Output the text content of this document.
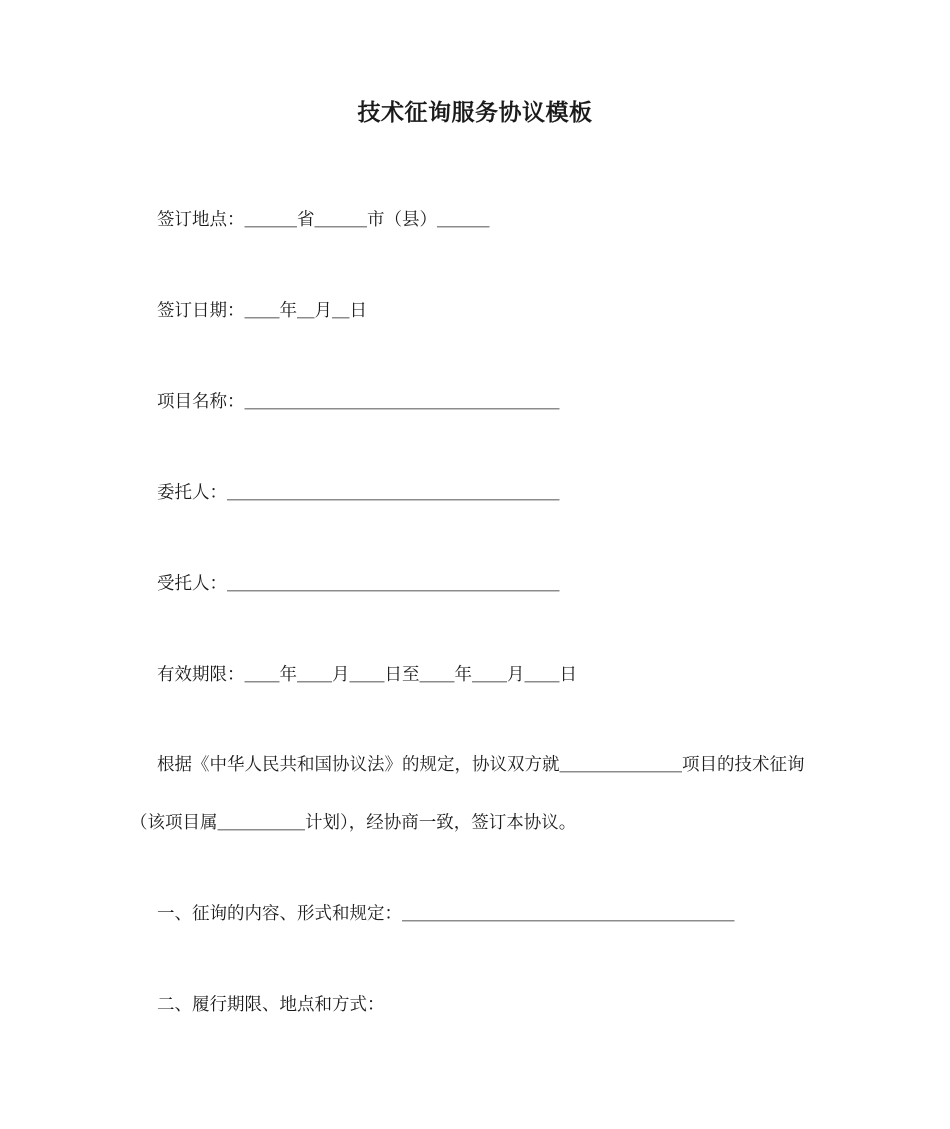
技术征询服务协议模板
签订地点：＿＿＿省＿＿＿市（县）＿＿＿
签订日期：＿＿年＿月＿日
项目名称：＿＿＿＿＿＿＿＿＿＿＿＿＿＿＿＿＿＿
委托人：＿＿＿＿＿＿＿＿＿＿＿＿＿＿＿＿＿＿＿
受托人：＿＿＿＿＿＿＿＿＿＿＿＿＿＿＿＿＿＿＿
有效期限：＿＿年＿＿月＿＿日至＿＿年＿＿月＿＿日
根据《中华人民共和国协议法》的规定，协议双方就＿＿＿＿＿＿＿项目的技术征询
（该项目属＿＿＿＿＿计划），经协商一致，签订本协议。
一、征询的内容、形式和规定：＿＿＿＿＿＿＿＿＿＿＿＿＿＿＿＿＿＿＿
二、履行期限、地点和方式：
